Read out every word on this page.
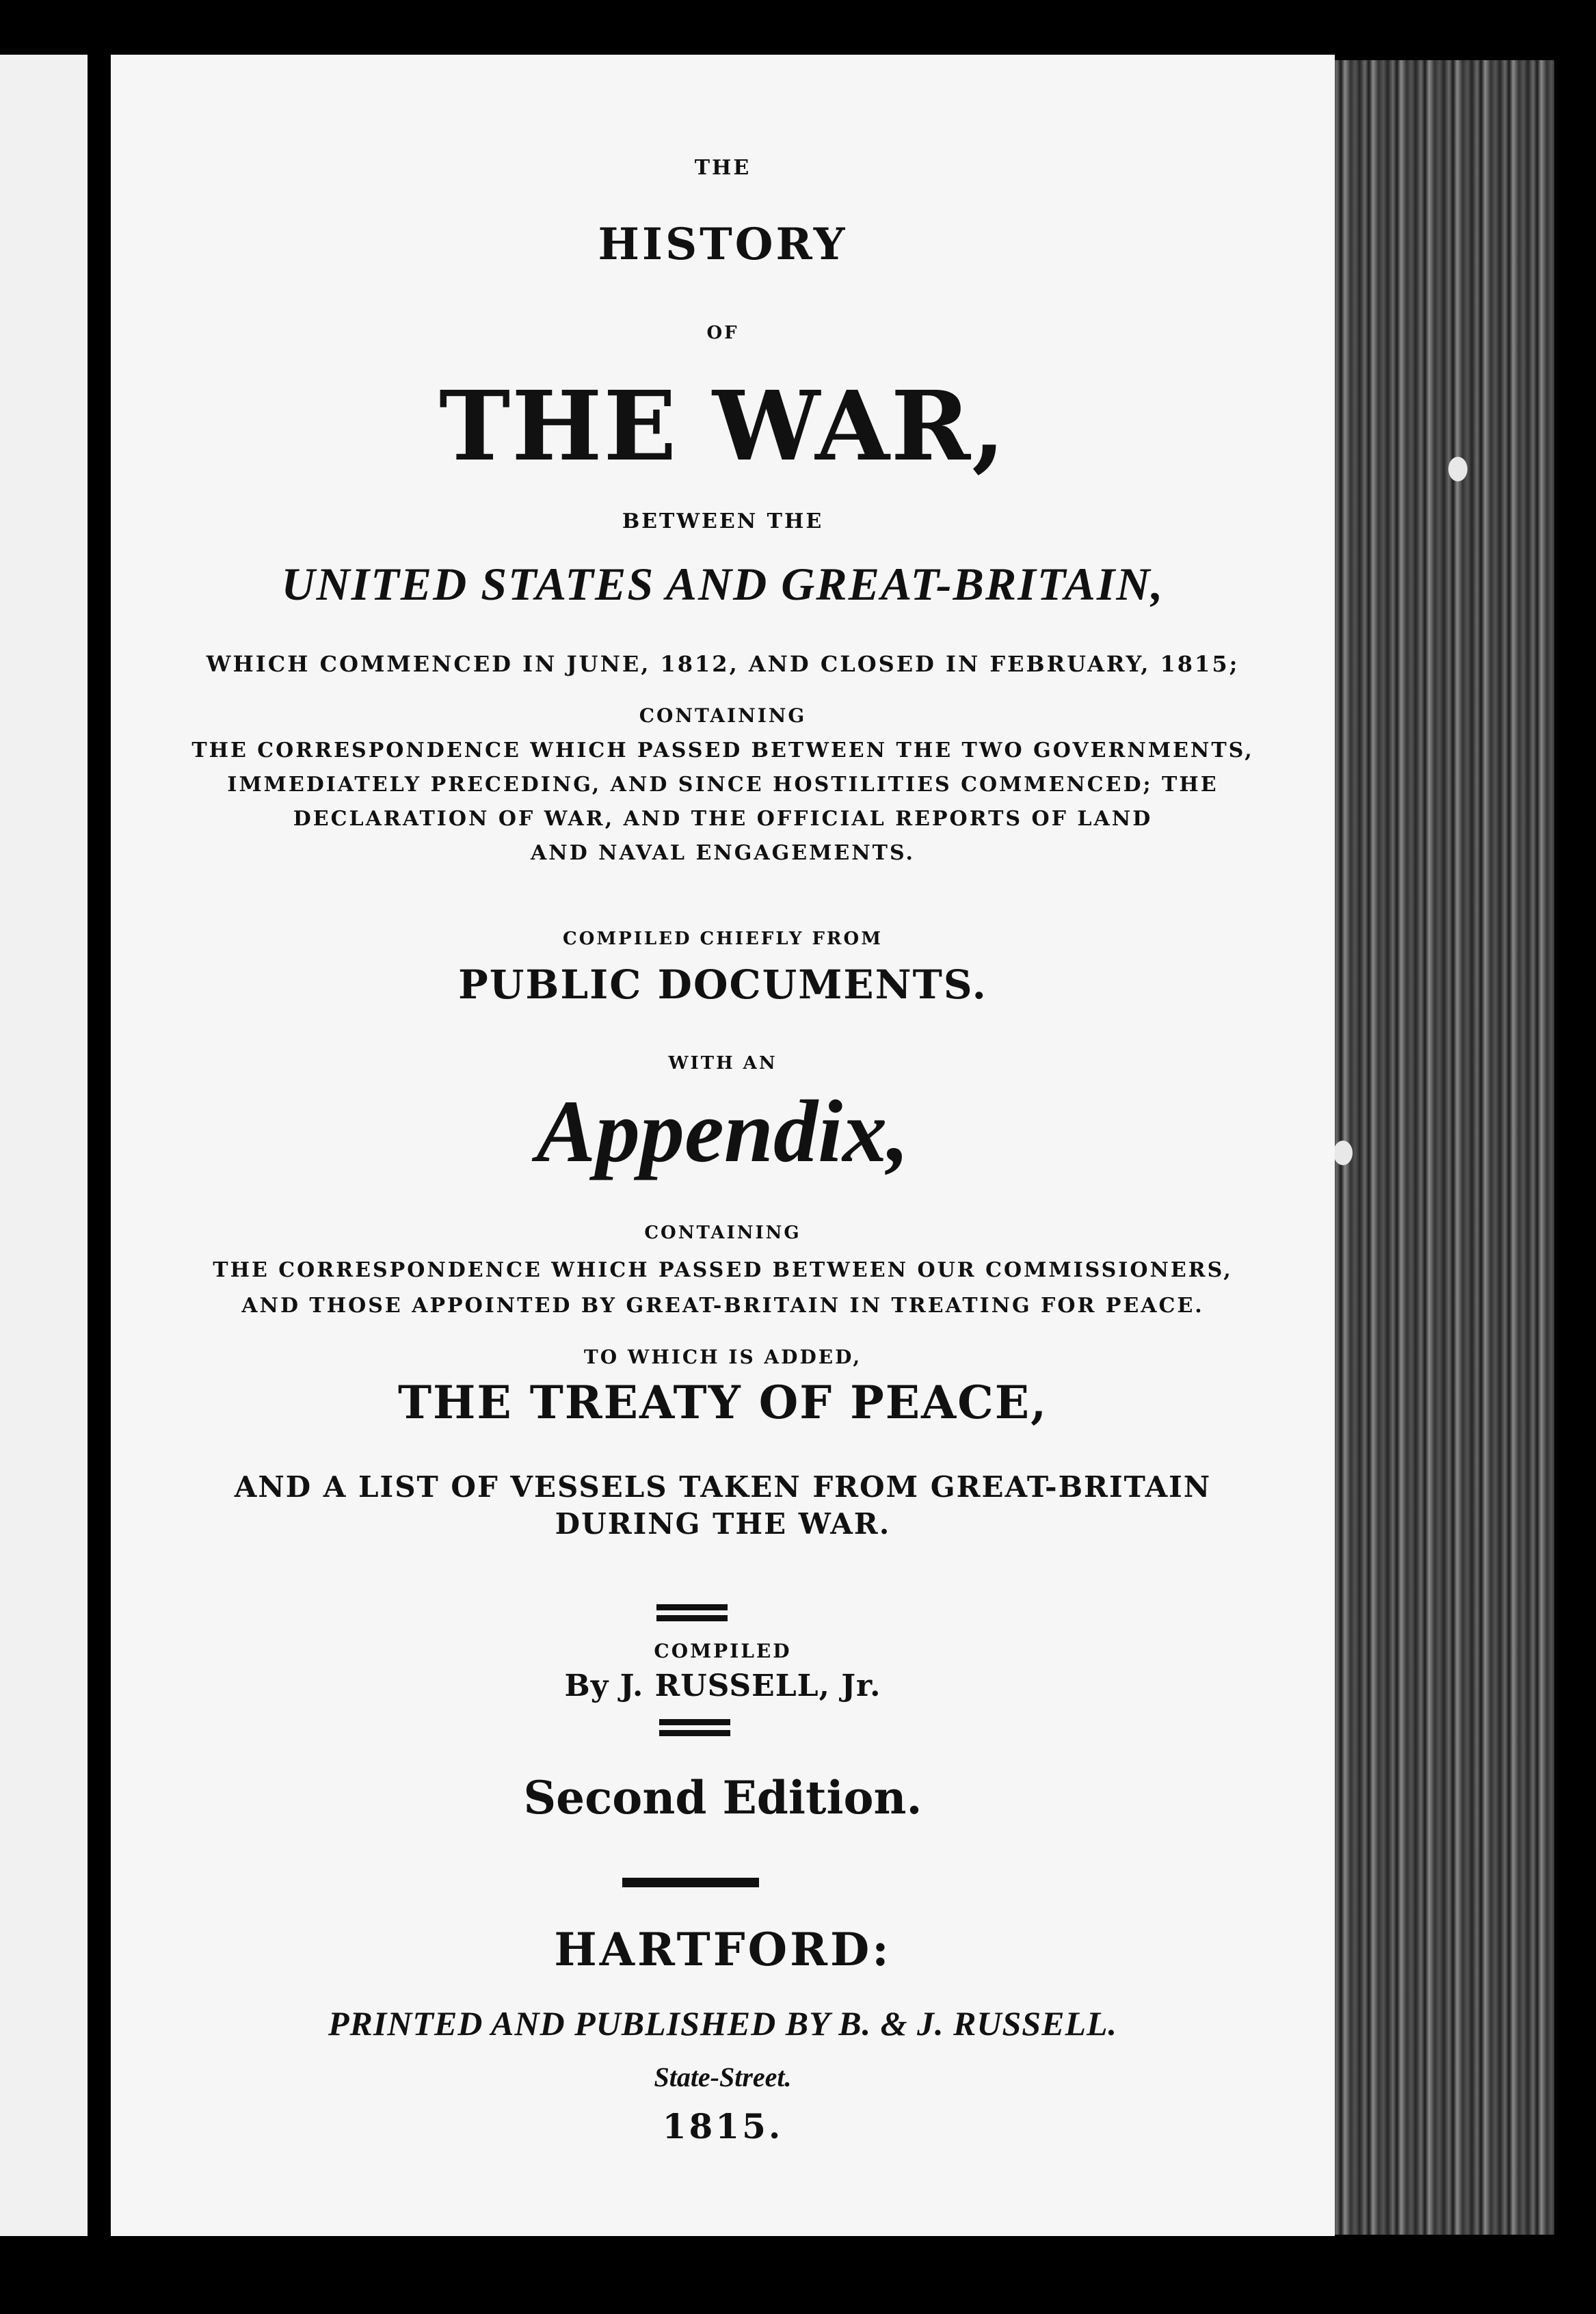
THE
HISTORY
OF
THE WAR,
BETWEEN THE
UNITED STATES AND GREAT-BRITAIN,
WHICH COMMENCED IN JUNE, 1812, AND CLOSED IN FEBRUARY, 1815;
CONTAINING
THE CORRESPONDENCE WHICH PASSED BETWEEN THE TWO GOVERNMENTS,
IMMEDIATELY PRECEDING, AND SINCE HOSTILITIES COMMENCED; THE
DECLARATION OF WAR, AND THE OFFICIAL REPORTS OF LAND
AND NAVAL ENGAGEMENTS.
COMPILED CHIEFLY FROM
PUBLIC DOCUMENTS.
WITH AN
Appendix,
CONTAINING
THE CORRESPONDENCE WHICH PASSED BETWEEN OUR COMMISSIONERS,
AND THOSE APPOINTED BY GREAT-BRITAIN IN TREATING FOR PEACE.
TO WHICH IS ADDED,
THE TREATY OF PEACE,
AND A LIST OF VESSELS TAKEN FROM GREAT-BRITAIN
DURING THE WAR.
COMPILED
By J. RUSSELL, Jr.
Second Edition.
HARTFORD:
PRINTED AND PUBLISHED BY B. & J. RUSSELL.
State-Street.
1815.
